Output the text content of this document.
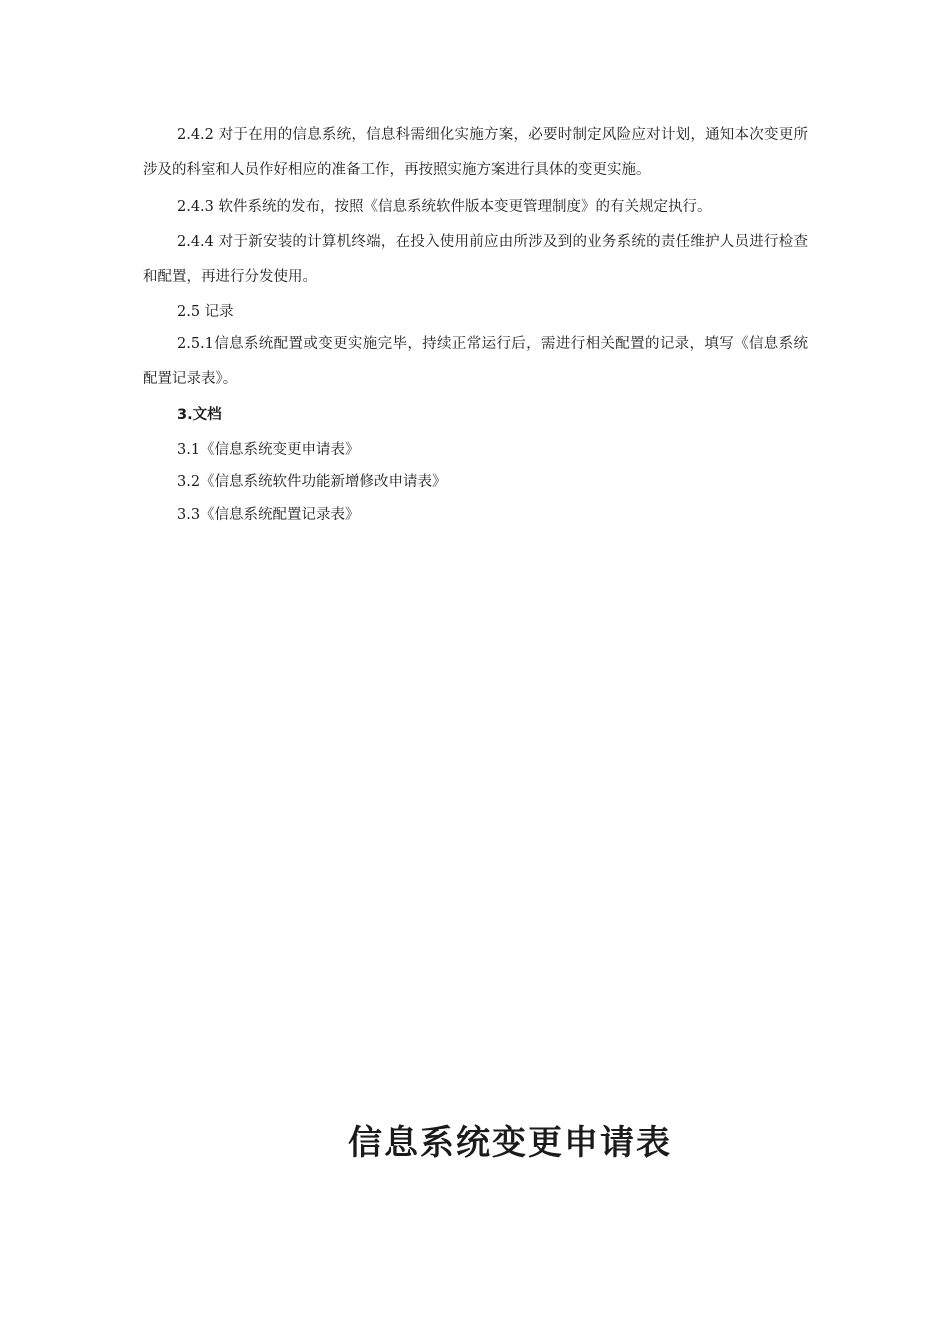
2.4.2 对于在用的信息系统，信息科需细化实施方案，必要时制定风险应对计划，通知本次变更所涉及的科室和人员作好相应的准备工作，再按照实施方案进行具体的变更实施。

2.4.3 软件系统的发布，按照《信息系统软件版本变更管理制度》的有关规定执行。

2.4.4 对于新安装的计算机终端，在投入使用前应由所涉及到的业务系统的责任维护人员进行检查和配置，再进行分发使用。

2.5 记录

2.5.1信息系统配置或变更实施完毕，持续正常运行后，需进行相关配置的记录，填写《信息系统配置记录表》。

3.文档

3.1《信息系统变更申请表》

3.2《信息系统软件功能新增修改申请表》

3.3《信息系统配置记录表》

信息系统变更申请表
